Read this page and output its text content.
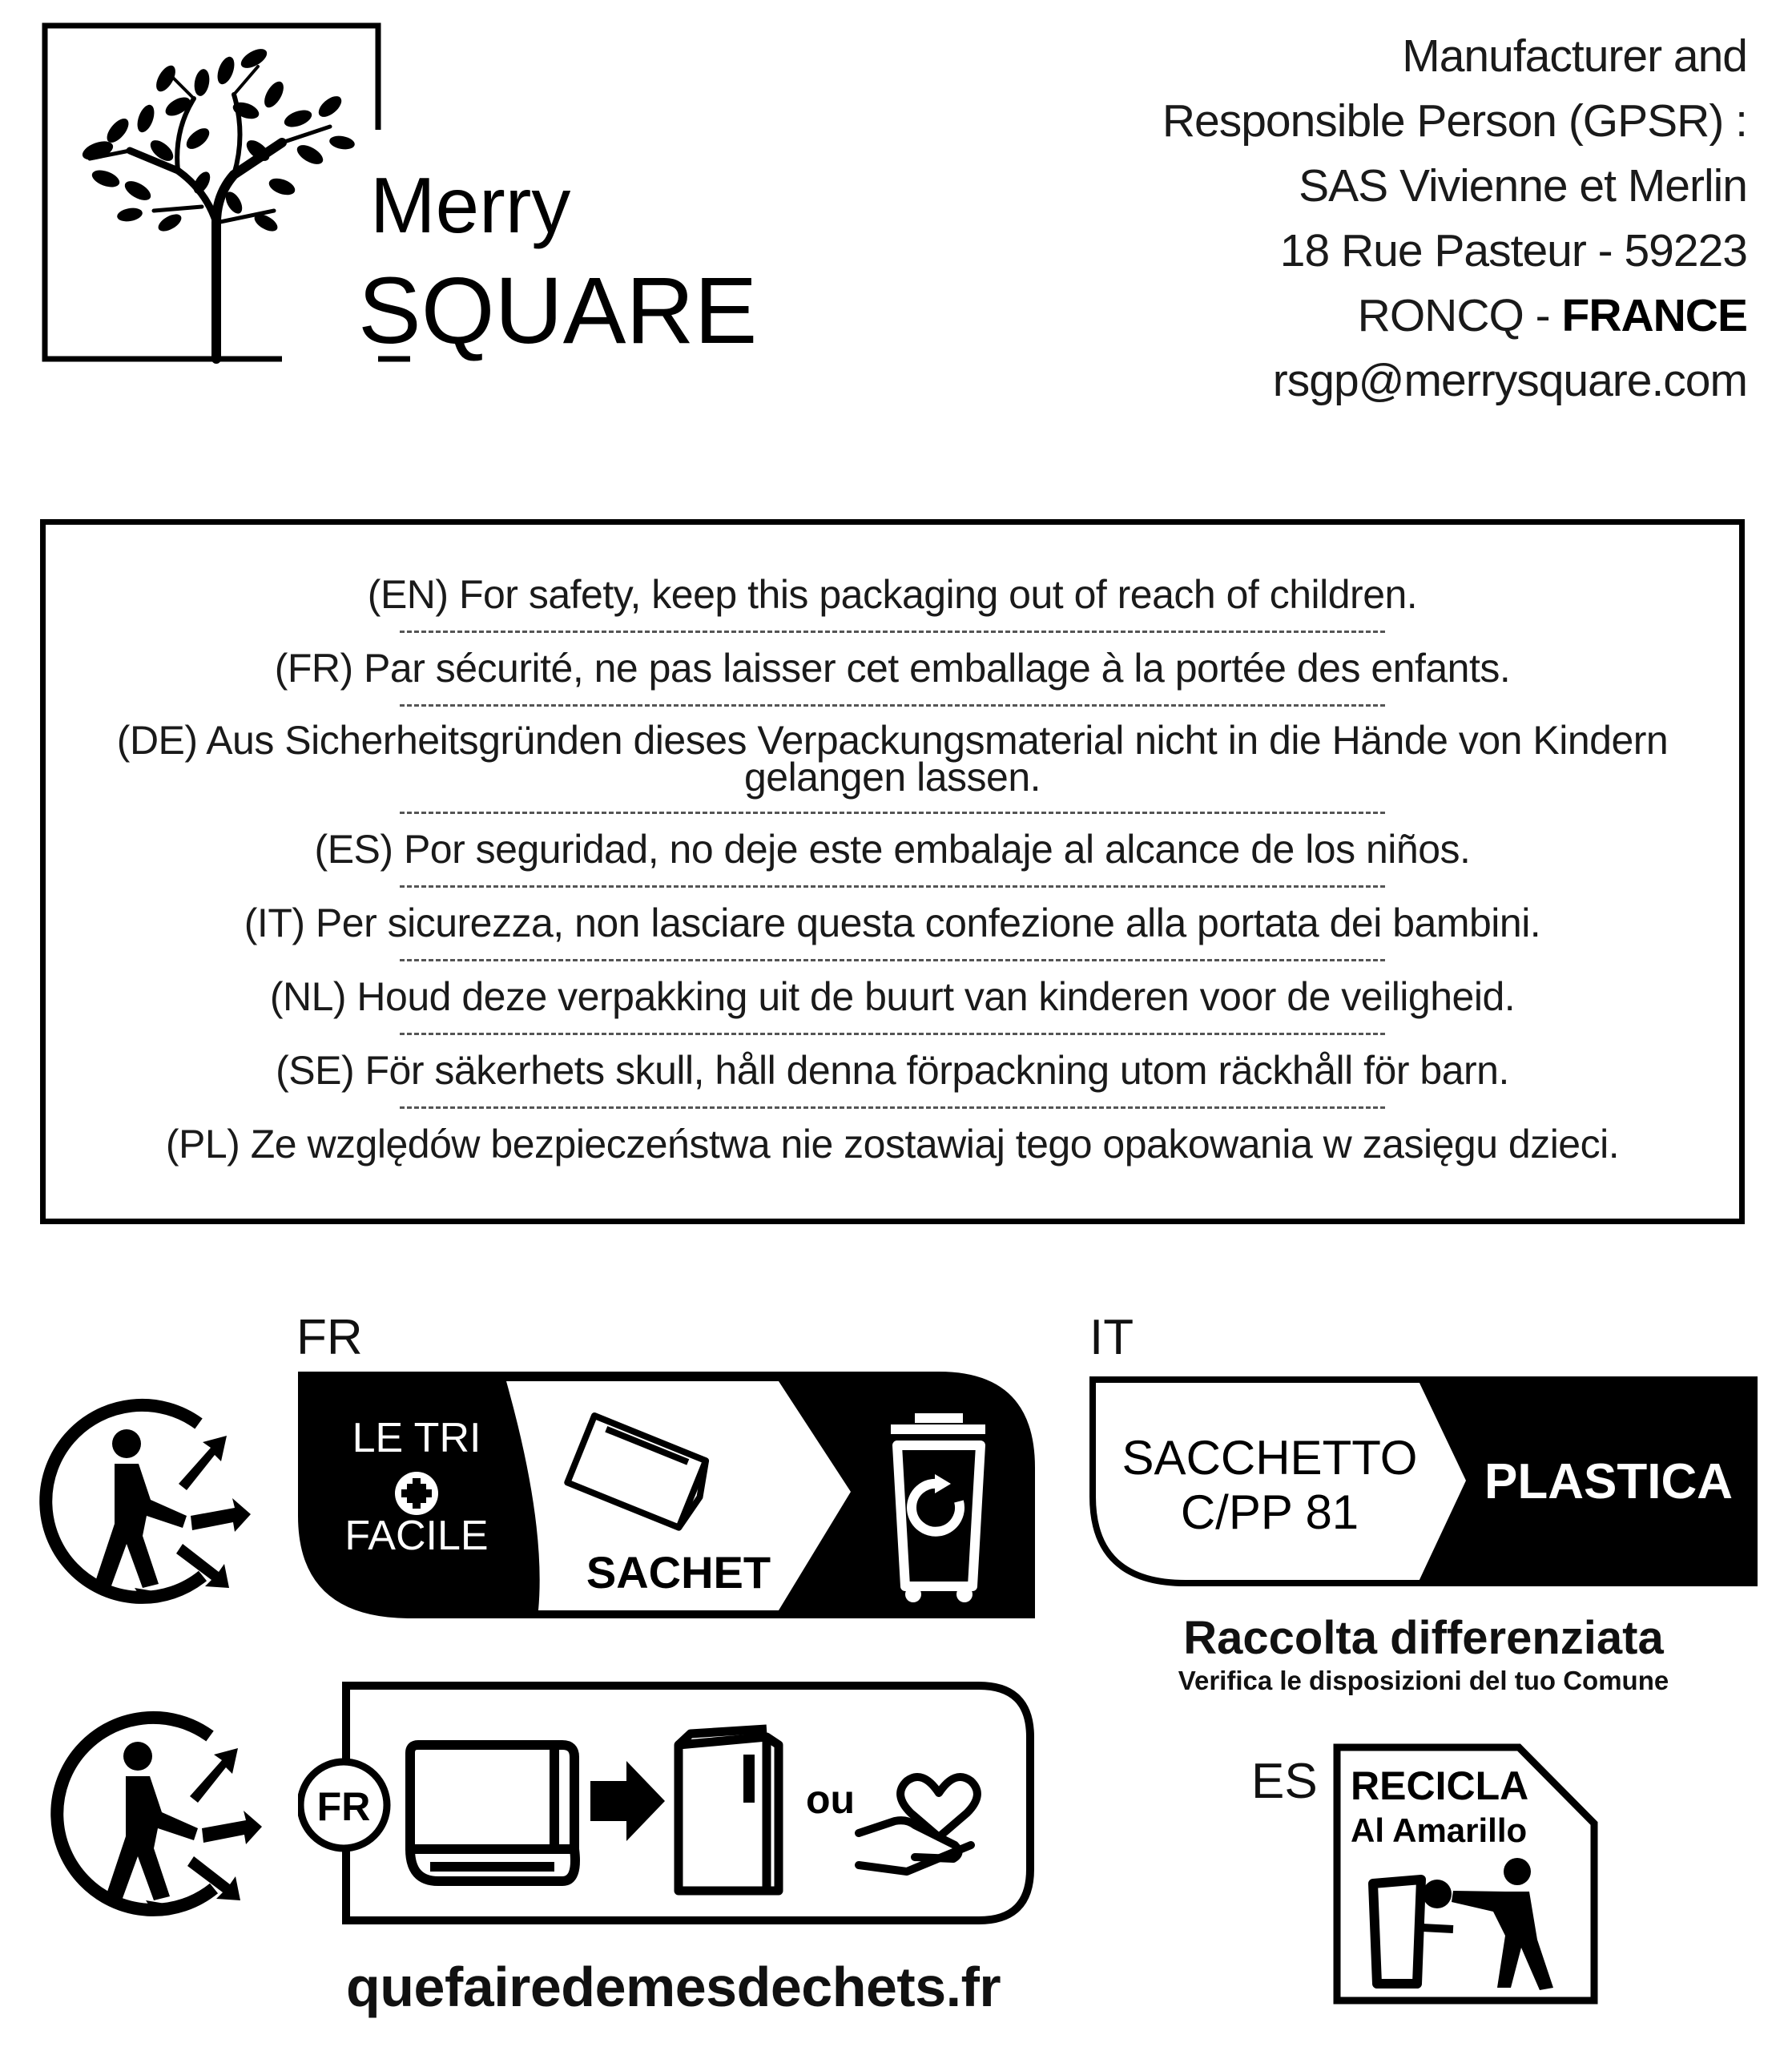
Merry
SQUARE
Manufacturer and
Responsible Person (GPSR) :
SAS Vivienne et Merlin
18 Rue Pasteur - 59223
RONCQ - FRANCE
rsgp@merrysquare.com
(EN) For safety, keep this packaging out of reach of children.
(FR) Par sécurité, ne pas laisser cet emballage à la portée des enfants.
(DE) Aus Sicherheitsgründen dieses Verpackungsmaterial nicht in die Hände von Kindern
gelangen lassen.
(ES) Por seguridad, no deje este embalaje al alcance de los niños.
(IT) Per sicurezza, non lasciare questa confezione alla portata dei bambini.
(NL) Houd deze verpakking uit de buurt van kinderen voor de veiligheid.
(SE) För säkerhets skull, håll denna förpackning utom räckhåll för barn.
(PL) Ze względów bezpieczeństwa nie zostawiaj tego opakowania w zasięgu dzieci.
FR
LE TRI
FACILE
SACHET
FR	ou
quefairedemesdechets.fr
IT
SACCHETTO
C/PP 81
PLASTICA
Raccolta differenziata
Verifica le disposizioni del tuo Comune
ES RECICLA
Al Amarillo
